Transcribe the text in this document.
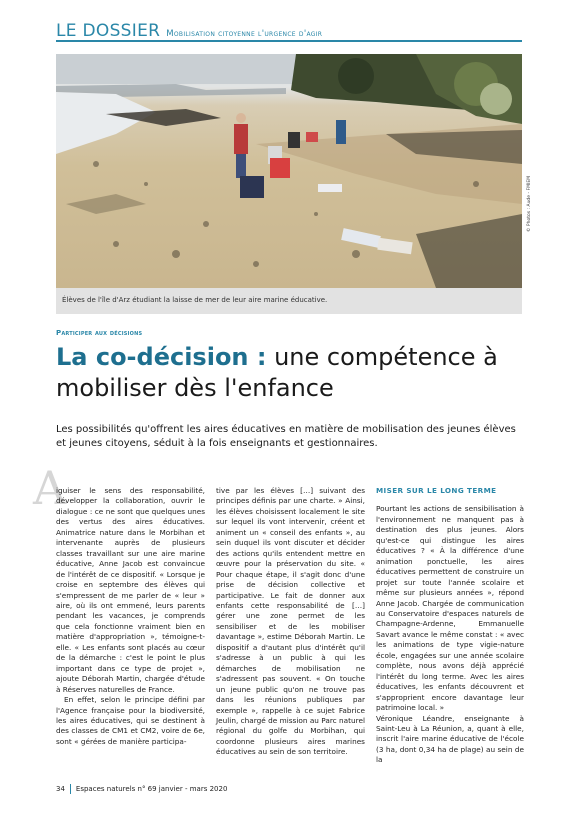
LE DOSSIER Mobilisation citoyenne l'urgence d'agir
© Photos : Aude - FMIEM
Élèves de l'île d'Arz étudiant la laisse de mer de leur aire marine éducative.
Participer aux décisions
La co-décision : une compétence à mobiliser dès l'enfance
Les possibilités qu'offrent les aires éducatives en matière de mobilisation des jeunes élèves et jeunes citoyens, séduit à la fois enseignants et gestionnaires.
A
iguiser le sens des responsabilité, développer la collaboration, ouvrir le dialogue : ce ne sont que quelques unes des vertus des aires éducatives. Animatrice nature dans le Morbihan et intervenante auprès de plusieurs classes travaillant sur une aire marine éducative, Anne Jacob est convaincue de l'intérêt de ce dispositif. « Lorsque je croise en septembre des élèves qui s'empressent de me parler de « leur » aire, où ils ont emmené, leurs parents pendant les vacances, je comprends que cela fonctionne vraiment bien en matière d'appropriation », témoigne-t-elle. « Les enfants sont placés au cœur de la démarche : c'est le point le plus important dans ce type de projet », ajoute Déborah Martin, chargée d'étude à Réserves naturelles de France.
En effet, selon le principe défini par l'Agence française pour la biodiversité, les aires éducatives, qui se destinent à des classes de CM1 et CM2, voire de 6e, sont « gérées de manière participa-
tive par les élèves […] suivant des principes définis par une charte. » Ainsi, les élèves choisissent localement le site sur lequel ils vont intervenir, créent et animent un « conseil des enfants », au sein duquel ils vont discuter et décider des actions qu'ils entendent mettre en œuvre pour la préservation du site. « Pour chaque étape, il s'agit donc d'une prise de décision collective et participative. Le fait de donner aux enfants cette responsabilité de […] gérer une zone permet de les sensibiliser et de les mobiliser davantage », estime Déborah Martin. Le dispositif a d'autant plus d'intérêt qu'il s'adresse à un public à qui les démarches de mobilisation ne s'adressent pas souvent. « On touche un jeune public qu'on ne trouve pas dans les réunions publiques par exemple », rappelle à ce sujet Fabrice Jeulin, chargé de mission au Parc naturel régional du golfe du Morbihan, qui coordonne plusieurs aires marines éducatives au sein de son territoire.
MISER SUR LE LONG TERME
Pourtant les actions de sensibilisation à l'environnement ne manquent pas à destination des plus jeunes. Alors qu'est-ce qui distingue les aires éducatives ? « À la différence d'une animation ponctuelle, les aires éducatives permettent de construire un projet sur toute l'année scolaire et même sur plusieurs années », répond Anne Jacob. Chargée de communication au Conservatoire d'espaces naturels de Champagne-Ardenne, Emmanuelle Savart avance le même constat : « avec les animations de type vigie-nature école, engagées sur une année scolaire complète, nous avons déjà apprécié l'intérêt du long terme. Avec les aires éducatives, les enfants découvrent et s'approprient encore davantage leur patrimoine local. »
Véronique Léandre, enseignante à Saint-Leu à La Réunion, a, quant à elle, inscrit l'aire marine éducative de l'école (3 ha, dont 0,34 ha de plage) au sein de la
34 Espaces naturels n° 69 janvier - mars 2020
